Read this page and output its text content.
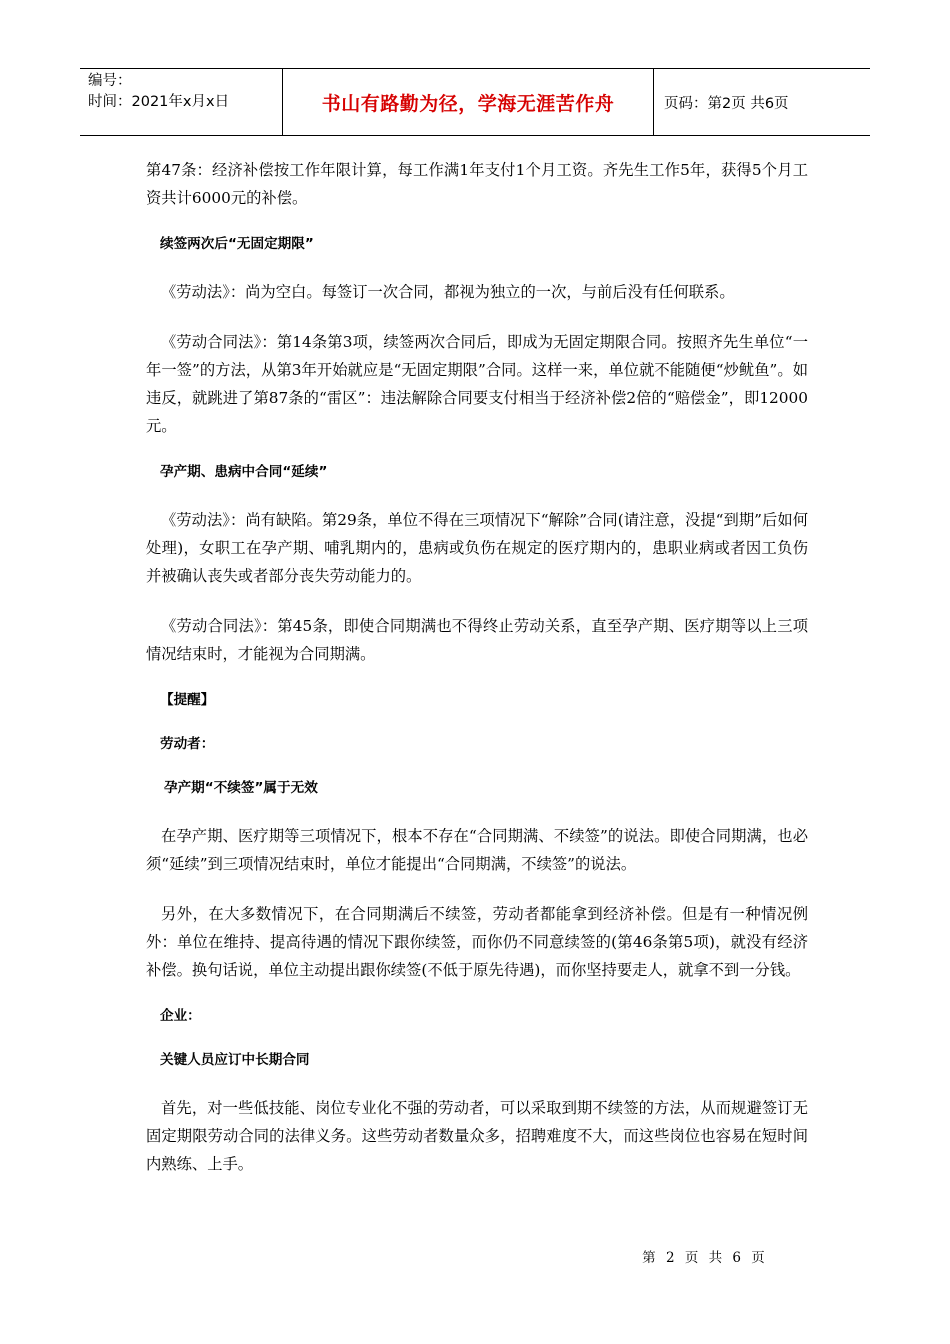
编号：
时间：2021年x月x日	书山有路勤为径，学海无涯苦作舟	页码：第2页 共6页

第47条：经济补偿按工作年限计算，每工作满1年支付1个月工资。齐先生工作5年，获得5个月工资共计6000元的补偿。

续签两次后“无固定期限”

《劳动法》：尚为空白。每签订一次合同，都视为独立的一次，与前后没有任何联系。

《劳动合同法》：第14条第3项，续签两次合同后，即成为无固定期限合同。按照齐先生单位“一年一签”的方法，从第3年开始就应是“无固定期限”合同。这样一来，单位就不能随便“炒鱿鱼”。如违反，就跳进了第87条的“雷区”：违法解除合同要支付相当于经济补偿2倍的“赔偿金”，即12000元。

孕产期、患病中合同“延续”

《劳动法》：尚有缺陷。第29条，单位不得在三项情况下“解除”合同(请注意，没提“到期”后如何处理)，女职工在孕产期、哺乳期内的，患病或负伤在规定的医疗期内的，患职业病或者因工负伤并被确认丧失或者部分丧失劳动能力的。

《劳动合同法》：第45条，即使合同期满也不得终止劳动关系，直至孕产期、医疗期等以上三项情况结束时，才能视为合同期满。

【提醒】
劳动者：
孕产期“不续签”属于无效

在孕产期、医疗期等三项情况下，根本不存在“合同期满、不续签”的说法。即使合同期满，也必须“延续”到三项情况结束时，单位才能提出“合同期满，不续签”的说法。

另外，在大多数情况下，在合同期满后不续签，劳动者都能拿到经济补偿。但是有一种情况例外：单位在维持、提高待遇的情况下跟你续签，而你仍不同意续签的(第46条第5项)，就没有经济补偿。换句话说，单位主动提出跟你续签(不低于原先待遇)，而你坚持要走人，就拿不到一分钱。

企业：
关键人员应订中长期合同

首先，对一些低技能、岗位专业化不强的劳动者，可以采取到期不续签的方法，从而规避签订无固定期限劳动合同的法律义务。这些劳动者数量众多，招聘难度不大，而这些岗位也容易在短时间内熟练、上手。

第 2 页 共 6 页
